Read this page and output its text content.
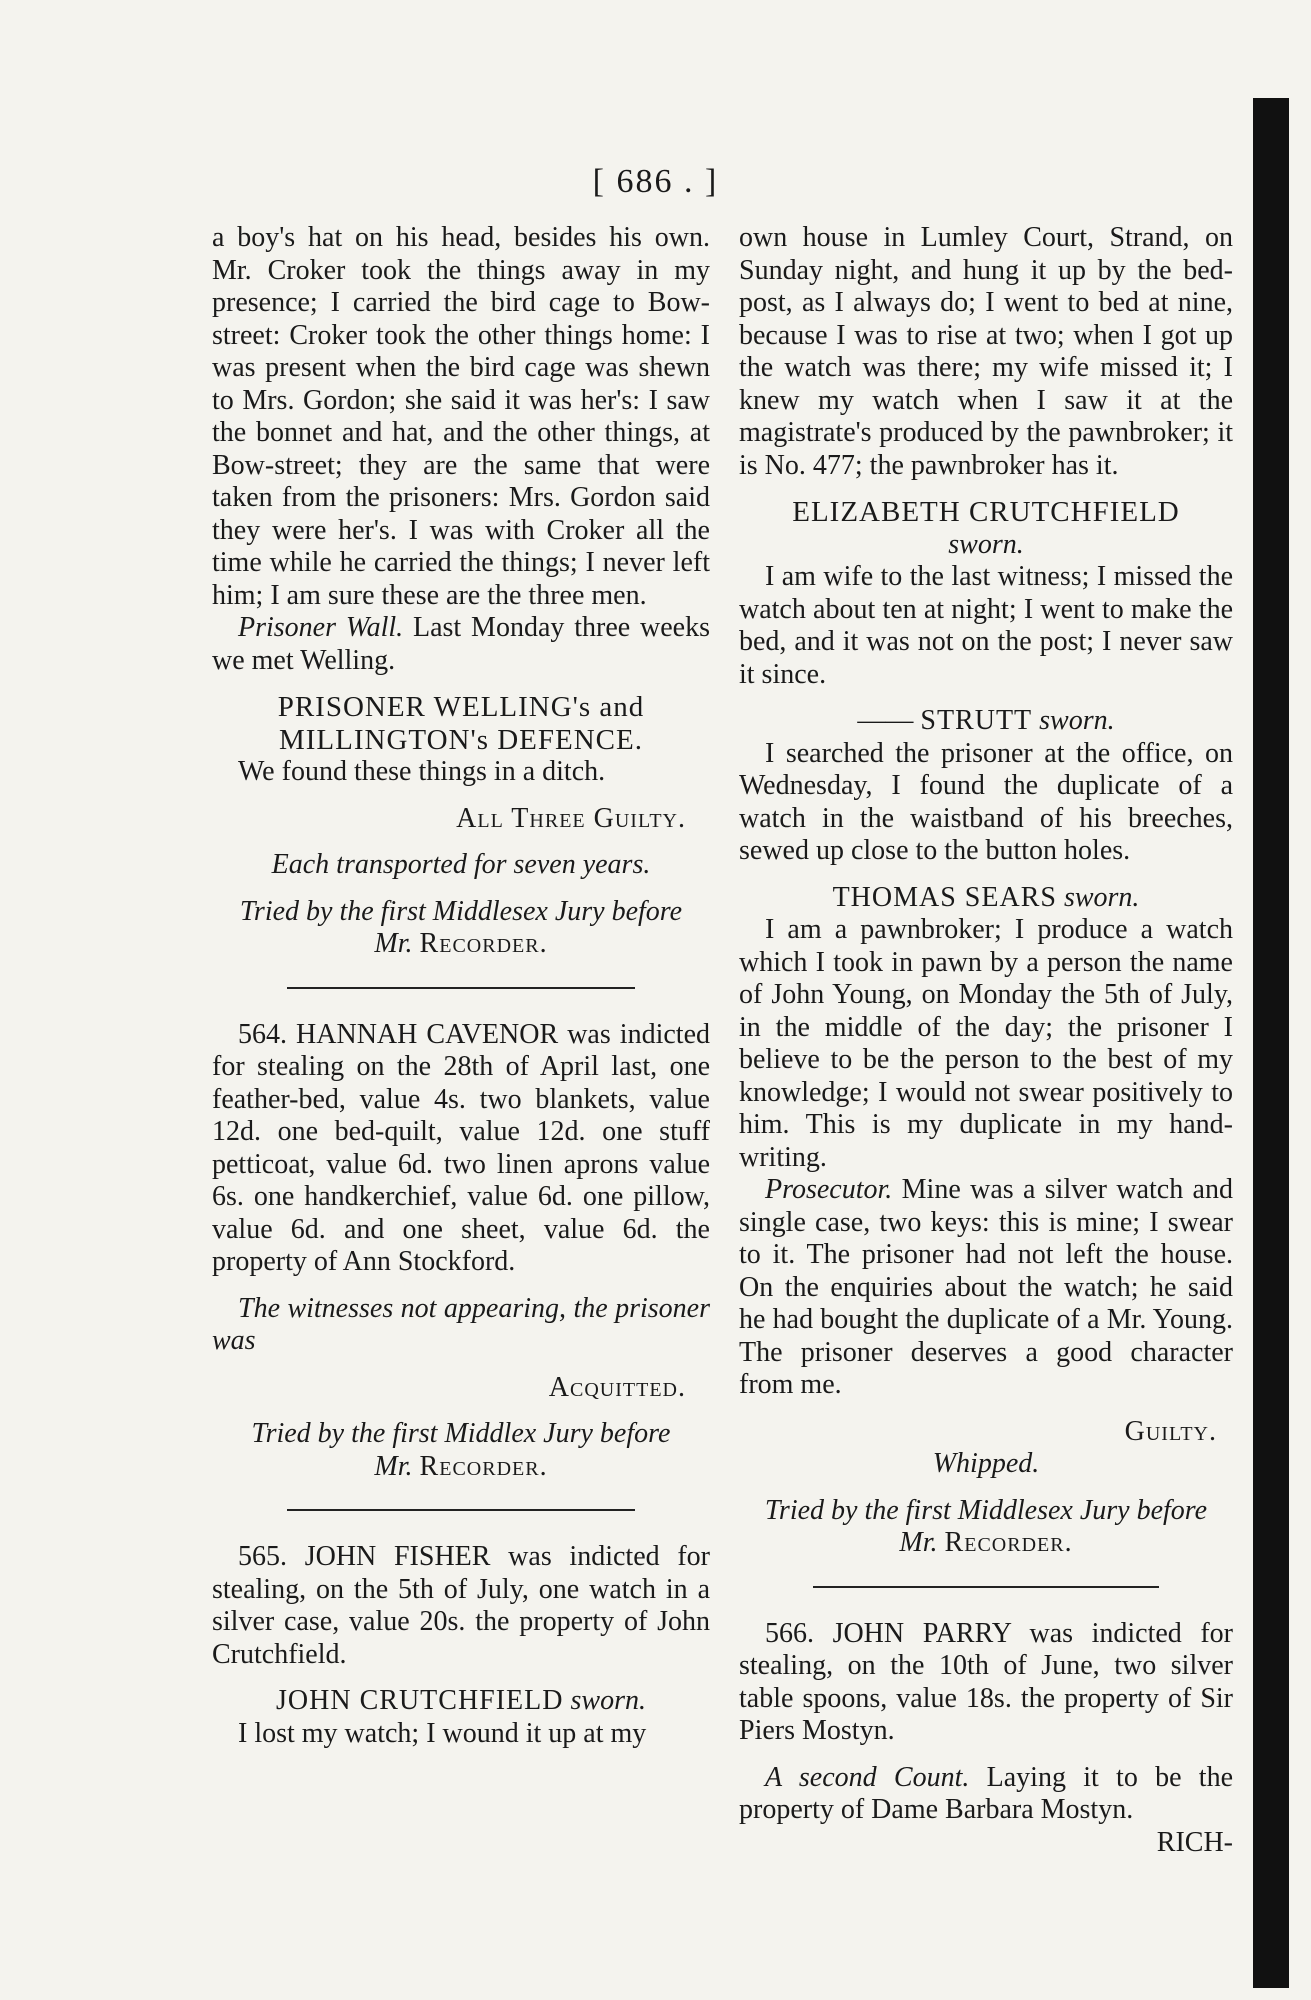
[ 686 . ]

a boy's hat on his head, besides his own. Mr. Croker took the things away in my presence; I carried the bird cage to Bow-street: Croker took the other things home: I was present when the bird cage was shewn to Mrs. Gordon; she said it was her's: I saw the bonnet and hat, and the other things, at Bow-street; they are the same that were taken from the prisoners: Mrs. Gordon said they were her's. I was with Croker all the time while he carried the things; I never left him; I am sure these are the three men.

Prisoner Wall. Last Monday three weeks we met Welling.

PRISONER WELLING's and MILLINGTON's DEFENCE.

We found these things in a ditch.

All Three Guilty.

Each transported for seven years.

Tried by the first Middlesex Jury before

Mr. Recorder.

564. HANNAH CAVENOR was indicted for stealing on the 28th of April last, one feather-bed, value 4s. two blankets, value 12d. one bed-quilt, value 12d. one stuff petticoat, value 6d. two linen aprons value 6s. one handkerchief, value 6d. one pillow, value 6d. and one sheet, value 6d. the property of Ann Stockford.

The witnesses not appearing, the prisoner was

Acquitted.

Tried by the first Middlex Jury before

Mr. Recorder.

565. JOHN FISHER was indicted for stealing, on the 5th of July, one watch in a silver case, value 20s. the property of John Crutchfield.

JOHN CRUTCHFIELD sworn.

I lost my watch; I wound it up at my

own house in Lumley Court, Strand, on Sunday night, and hung it up by the bed-post, as I always do; I went to bed at nine, because I was to rise at two; when I got up the watch was there; my wife missed it; I knew my watch when I saw it at the magistrate's produced by the pawnbroker; it is No. 477; the pawnbroker has it.

ELIZABETH CRUTCHFIELD

sworn.

I am wife to the last witness; I missed the watch about ten at night; I went to make the bed, and it was not on the post; I never saw it since.

—— STRUTT sworn.

I searched the prisoner at the office, on Wednesday, I found the duplicate of a watch in the waistband of his breeches, sewed up close to the button holes.

THOMAS SEARS sworn.

I am a pawnbroker; I produce a watch which I took in pawn by a person the name of John Young, on Monday the 5th of July, in the middle of the day; the prisoner I believe to be the person to the best of my knowledge; I would not swear positively to him. This is my duplicate in my hand-writing.

Prosecutor. Mine was a silver watch and single case, two keys: this is mine; I swear to it. The prisoner had not left the house. On the enquiries about the watch; he said he had bought the duplicate of a Mr. Young. The prisoner deserves a good character from me.

Guilty.

Whipped.

Tried by the first Middlesex Jury before

Mr. Recorder.

566. JOHN PARRY was indicted for stealing, on the 10th of June, two silver table spoons, value 18s. the property of Sir Piers Mostyn.

A second Count. Laying it to be the property of Dame Barbara Mostyn.

RICH-
